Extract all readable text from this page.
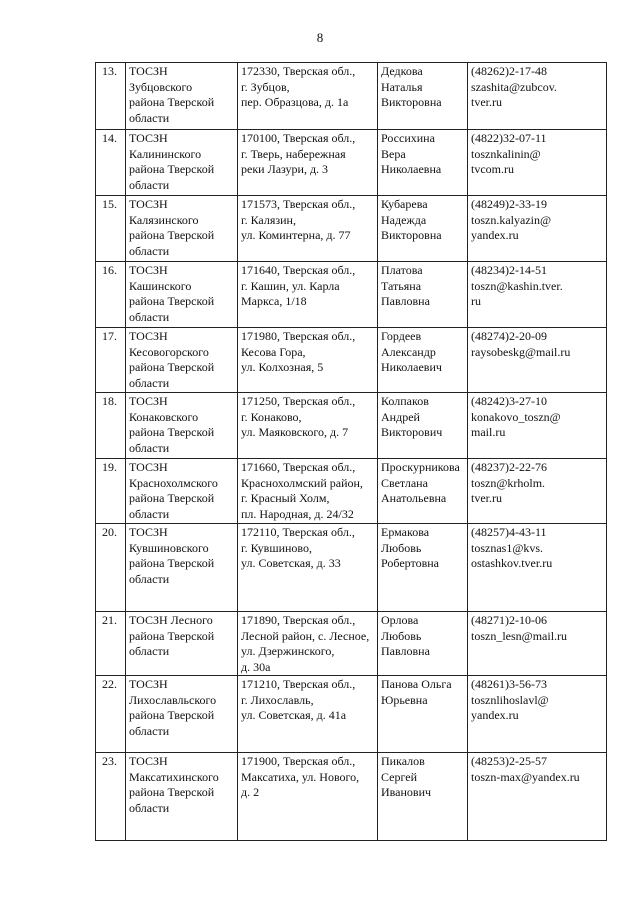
8
13.	ТОСЗН
Зубцовского
района Тверской
области	172330, Тверская обл.,
г. Зубцов,
пер. Образцова, д. 1а	Дедкова
Наталья
Викторовна	(48262)2-17-48
szashita@zubcov.
tver.ru

14.	ТОСЗН
Калининского
района Тверской
области	170100, Тверская обл.,
г. Тверь, набережная
реки Лазури, д. 3	Россихина
Вера
Николаевна	(4822)32-07-11
tosznkalinin@
tvcom.ru

15.	ТОСЗН
Калязинского
района Тверской
области	171573, Тверская обл.,
г. Калязин,
ул. Коминтерна, д. 77	Кубарева
Надежда
Викторовна	(48249)2-33-19
toszn.kalyazin@
yandex.ru

16.	ТОСЗН
Кашинского
района Тверской
области	171640, Тверская обл.,
г. Кашин, ул. Карла
Маркса, 1/18	Платова
Татьяна
Павловна	(48234)2-14-51
toszn@kashin.tver.
ru

17.	ТОСЗН
Кесовогорского
района Тверской
области	171980, Тверская обл.,
Кесова Гора,
ул. Колхозная, 5	Гордеев
Александр
Николаевич	(48274)2-20-09
raysobeskg@mail.ru

18.	ТОСЗН
Конаковского
района Тверской
области	171250, Тверская обл.,
г. Конаково,
ул. Маяковского, д. 7	Колпаков
Андрей
Викторович	(48242)3-27-10
konakovo_toszn@
mail.ru

19.	ТОСЗН
Краснохолмского
района Тверской
области	171660, Тверская обл.,
Краснохолмский район,
г. Красный Холм,
пл. Народная, д. 24/32	Проскурникова
Светлана
Анатольевна	(48237)2-22-76
toszn@krholm.
tver.ru

20.	ТОСЗН
Кувшиновского
района Тверской
области	172110, Тверская обл.,
г. Кувшиново,
ул. Советская, д. 33	Ермакова
Любовь
Робертовна	(48257)4-43-11
tosznas1@kvs.
ostashkov.tver.ru

21.	ТОСЗН Лесного
района Тверской
области	171890, Тверская обл.,
Лесной район, с. Лесное,
ул. Дзержинского,
д. 30а	Орлова
Любовь
Павловна	(48271)2-10-06
toszn_lesn@mail.ru

22.	ТОСЗН
Лихославльского
района Тверской
области	171210, Тверская обл.,
г. Лихославль,
ул. Советская, д. 41а	Панова Ольга
Юрьевна	(48261)3-56-73
tosznlihoslavl@
yandex.ru

23.	ТОСЗН
Максатихинского
района Тверской
области	171900, Тверская обл.,
Максатиха, ул. Нового,
д. 2	Пикалов
Сергей
Иванович	(48253)2-25-57
toszn-max@yandex.ru
